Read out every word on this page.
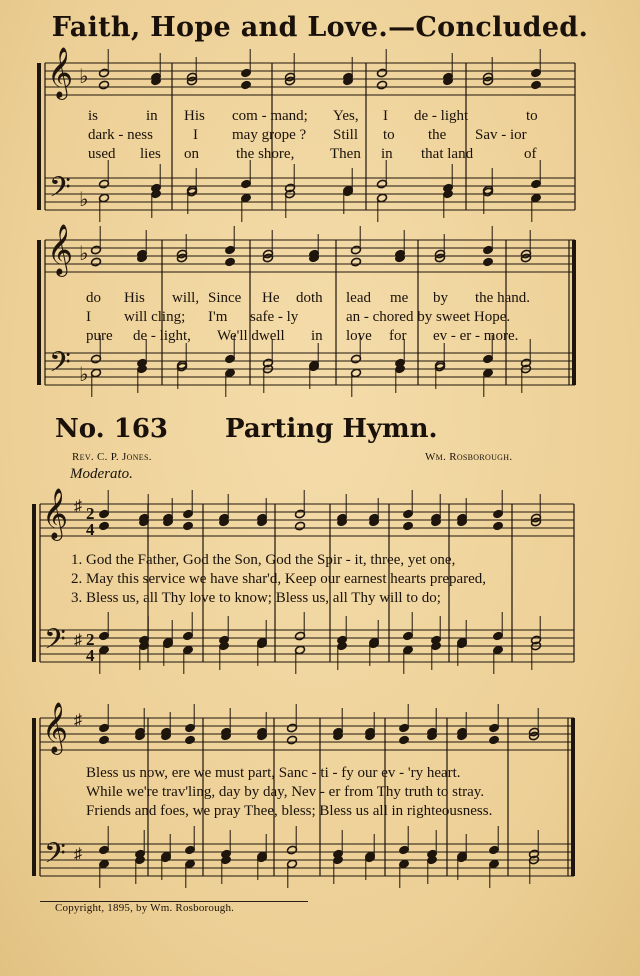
Faith, Hope and Love.—Concluded.
𝄞
𝄢
♭
♭
is	in His com - mand; Yes, I de - light	to
dark - ness	I may grope ? Still to the Sav - ior
used lies on the shore, Then in that land	of
𝄞
𝄢
♭
♭
do His will, Since He doth lead me by the hand.
I will cling; I'm safe - ly	an - chored by sweet Hope.
pure de - light, We'll dwell in love for ev - er - more.
No. 163 Parting Hymn.
Rev. C. P. Jones.	Wm. Rosborough.
Moderato.
𝄞
𝄢
♯
♯
2
4
2
4
1. God the Father, God the Son, God the Spir - it, three, yet one,
2. May this service we have shar'd, Keep our earnest hearts prepared,
3. Bless us, all Thy love to know; Bless us, all Thy will to do;
𝄞
𝄢
♯
♯
Bless us now, ere we must part, Sanc - ti - fy our ev - 'ry heart.
While we're trav'ling, day by day, Nev - er from Thy truth to stray.
Friends and foes, we pray Thee, bless; Bless us all in righteousness.
Copyright, 1895, by Wm. Rosborough.
